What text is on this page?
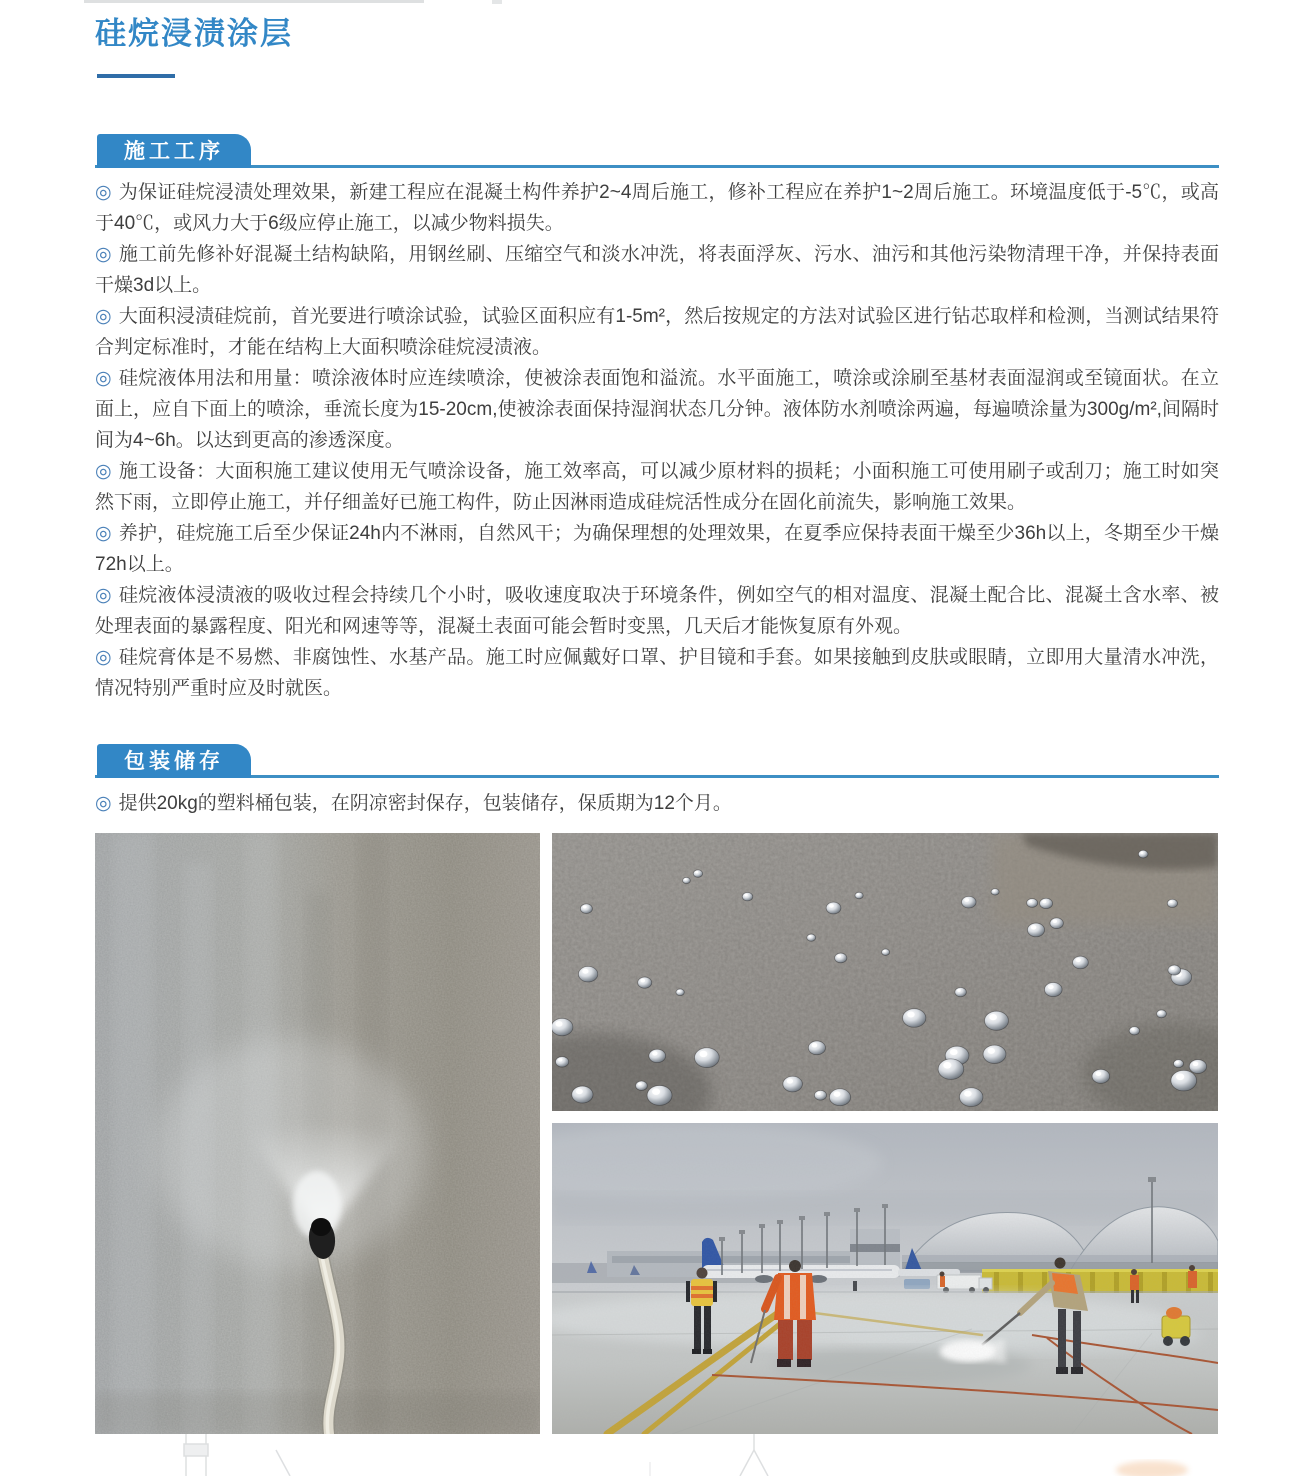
硅烷浸渍涂层
施工工序

◎ 为保证硅烷浸渍处理效果，新建工程应在混凝土构件养护2~4周后施工，修补工程应在养护1~2周后施工。环境温度低于-5℃，或高于40℃，或风力大于6级应停止施工，以减少物料损失。

◎ 施工前先修补好混凝土结构缺陷，用钢丝刷、压缩空气和淡水冲洗，将表面浮灰、污水、油污和其他污染物清理干净，并保持表面干燥3d以上。

◎ 大面积浸渍硅烷前，首光要进行喷涂试验，试验区面积应有1-5m²，然后按规定的方法对试验区进行钻芯取样和检测，当测试结果符合判定标准时，才能在结构上大面积喷涂硅烷浸渍液。

◎ 硅烷液体用法和用量：喷涂液体时应连续喷涂，使被涂表面饱和溢流。水平面施工，喷涂或涂刷至基材表面湿润或至镜面状。在立面上，应自下面上的喷涂，垂流长度为15-20cm,使被涂表面保持湿润状态几分钟。液体防水剂喷涂两遍，每遍喷涂量为300g/m²,间隔时间为4~6h。以达到更高的渗透深度。

◎ 施工设备：大面积施工建议使用无气喷涂设备，施工效率高，可以减少原材料的损耗；小面积施工可使用刷子或刮刀；施工时如突然下雨，立即停止施工，并仔细盖好已施工构件，防止因淋雨造成硅烷活性成分在固化前流失，影响施工效果。

◎ 养护，硅烷施工后至少保证24h内不淋雨，自然风干；为确保理想的处理效果，在夏季应保持表面干燥至少36h以上，冬期至少干燥72h以上。

◎ 硅烷液体浸渍液的吸收过程会持续几个小时，吸收速度取决于环境条件，例如空气的相对温度、混凝土配合比、混凝土含水率、被处理表面的暴露程度、阳光和网速等等，混凝土表面可能会暂时变黑，几天后才能恢复原有外观。

◎ 硅烷膏体是不易燃、非腐蚀性、水基产品。施工时应佩戴好口罩、护目镜和手套。如果接触到皮肤或眼睛，立即用大量清水冲洗，情况特别严重时应及时就医。

包装储存

◎ 提供20kg的塑料桶包装，在阴凉密封保存，包装储存，保质期为12个月。
